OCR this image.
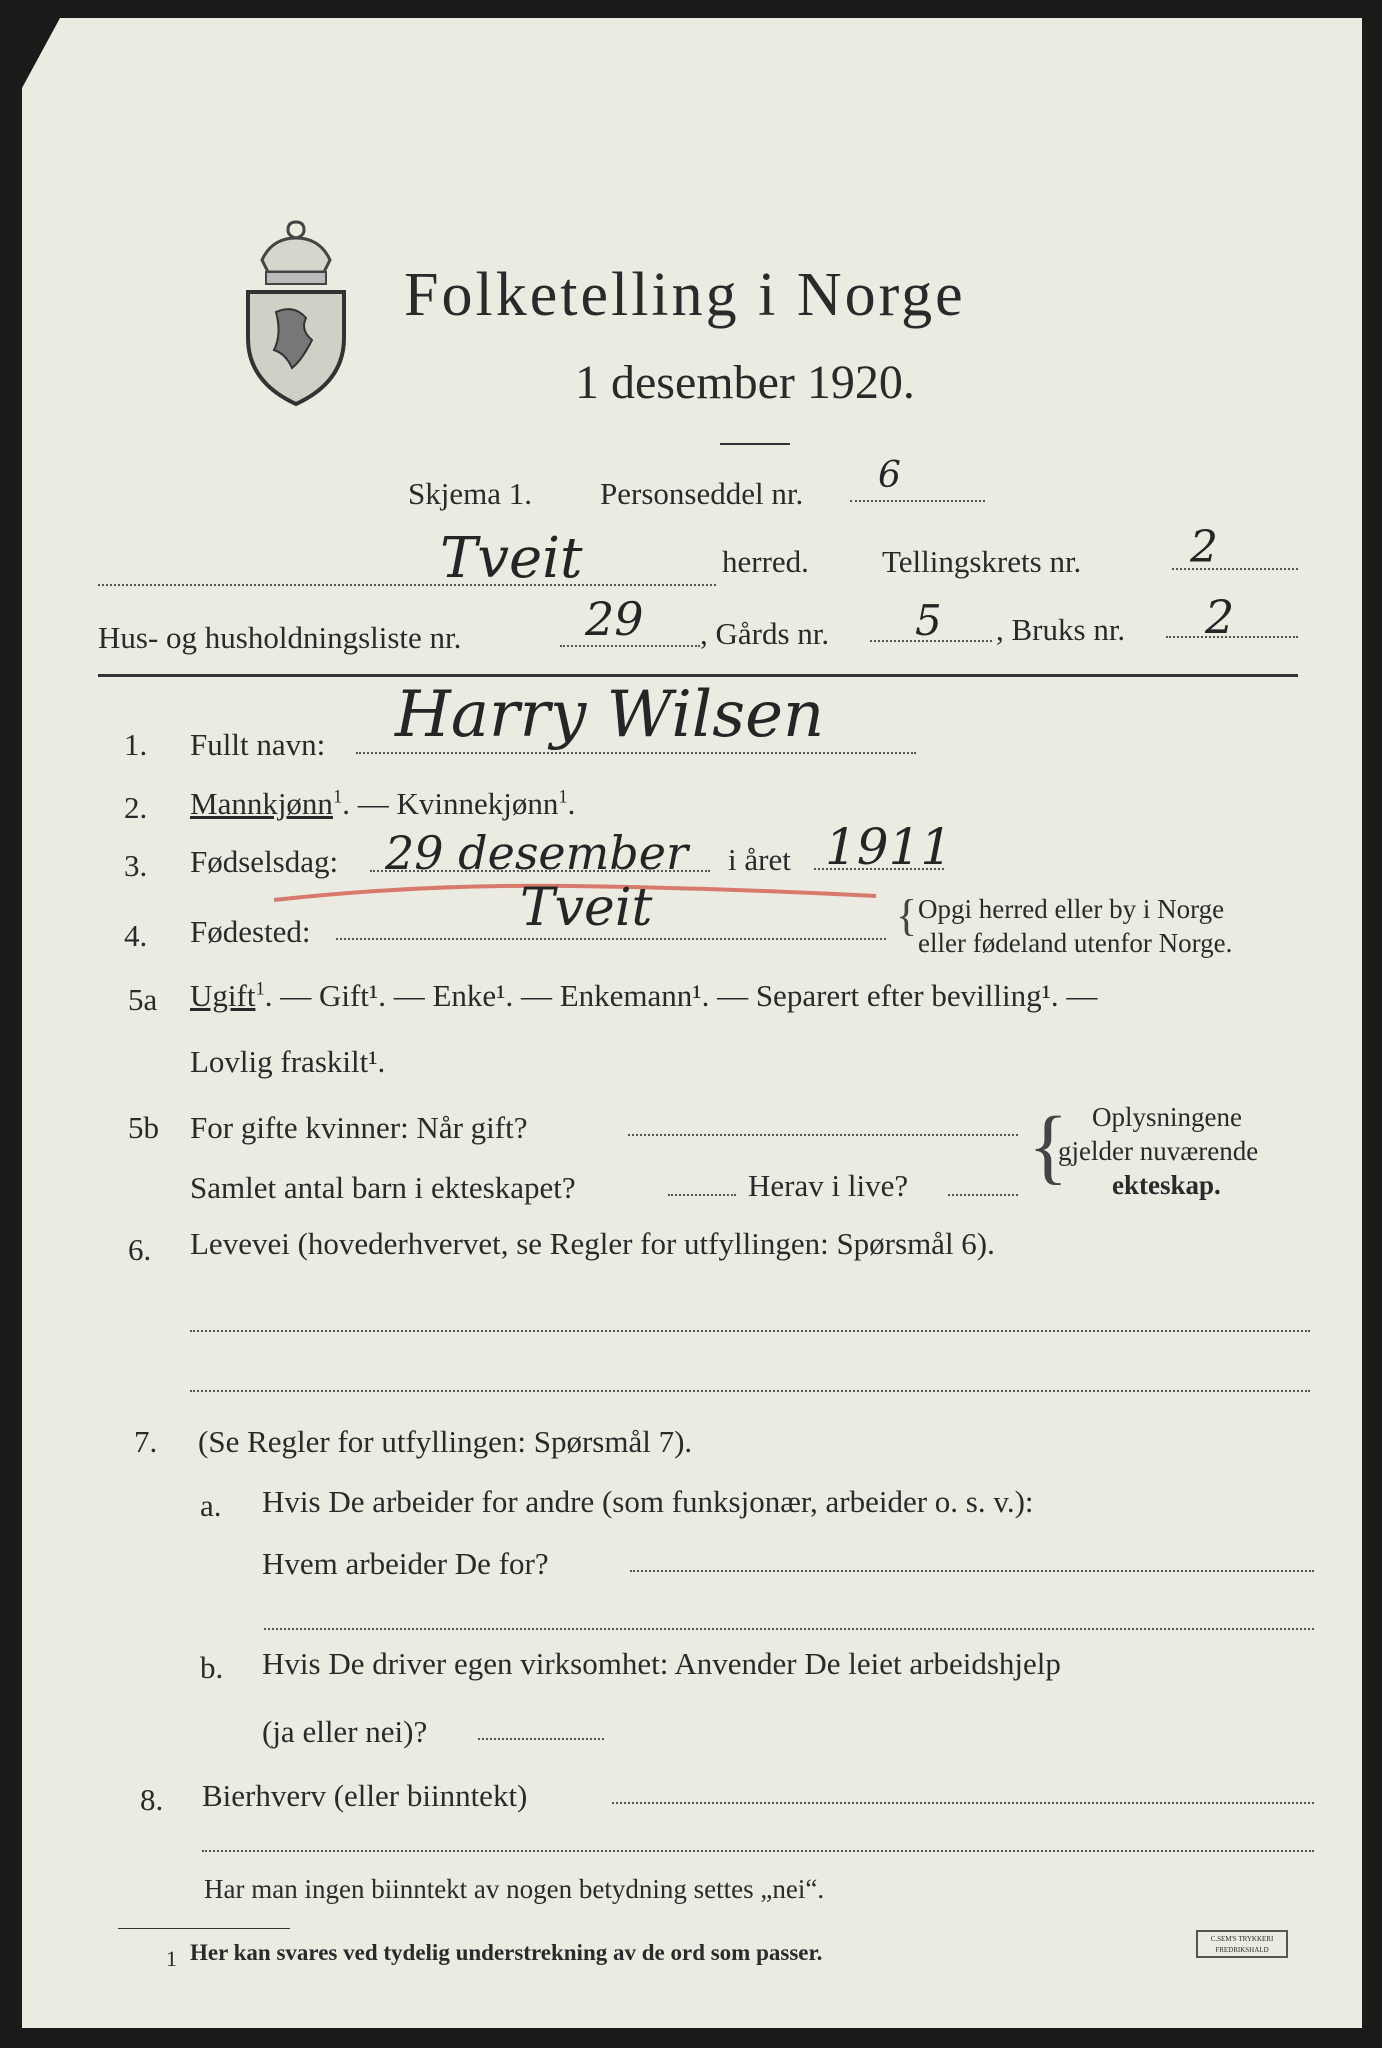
Folketelling i Norge
1 desember 1920.
Skjema 1. Personseddel nr. 6
Tveit	herred. Tellingskrets nr. 2
Hus- og husholdningsliste nr.	29 , Gårds nr. 5 , Bruks nr. 2
1. Fullt navn: Harry Wilsen
2. Mannkjønn$^1$. — Kvinnekjønn$^1$.
3. Fødselsdag: 29 desember i året 1911
4. Fødested:	Tveit	{ Opgi herred eller by i Norge
eller fødeland utenfor Norge.
5a Ugift$^1$. — Gift¹. — Enke¹. — Enkemann¹. — Separert efter bevilling¹. —
Lovlig fraskilt¹.
5b For gifte kvinner: Når gift?
Samlet antal barn i ekteskapet?	Herav i live? { Oplysningene
gjelder nuværende
ekteskap.
6. Levevei (hovederhvervet, se Regler for utfyllingen: Spørsmål 6).
7. (Se Regler for utfyllingen: Spørsmål 7).
a. Hvis De arbeider for andre (som funksjonær, arbeider o. s. v.):
Hvem arbeider De for?
b. Hvis De driver egen virksomhet: Anvender De leiet arbeidshjelp
(ja eller nei)?
8. Bierhverv (eller biinntekt)
Har man ingen biinntekt av nogen betydning settes „nei“.
1 Her kan svares ved tydelig understrekning av de ord som passer.
C.SEM'S TRYKKERI
FREDRIKSHALD
